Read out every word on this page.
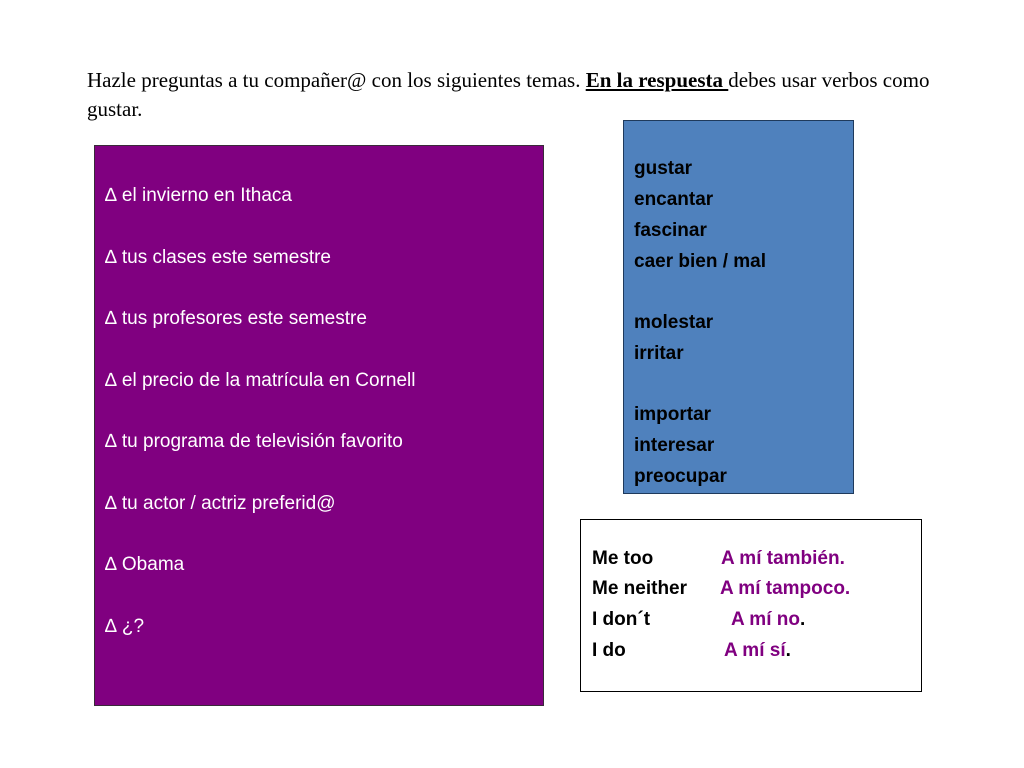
Hazle preguntas a tu compañer@ con los siguientes temas. En la respuesta debes usar verbos como gustar.
∆ el invierno en Ithaca
∆ tus clases este semestre
∆ tus profesores este semestre
∆ el precio de la matrícula en Cornell
∆ tu programa de televisión favorito
∆ tu actor / actriz preferid@
∆ Obama
∆ ¿?
gustar
encantar
fascinar
caer bien / mal
molestar
irritar
importar
interesar
preocupar
Me too	A mí también.
Me neither A mí tampoco.
I don´t	A mí no.
I do	A mí sí.
